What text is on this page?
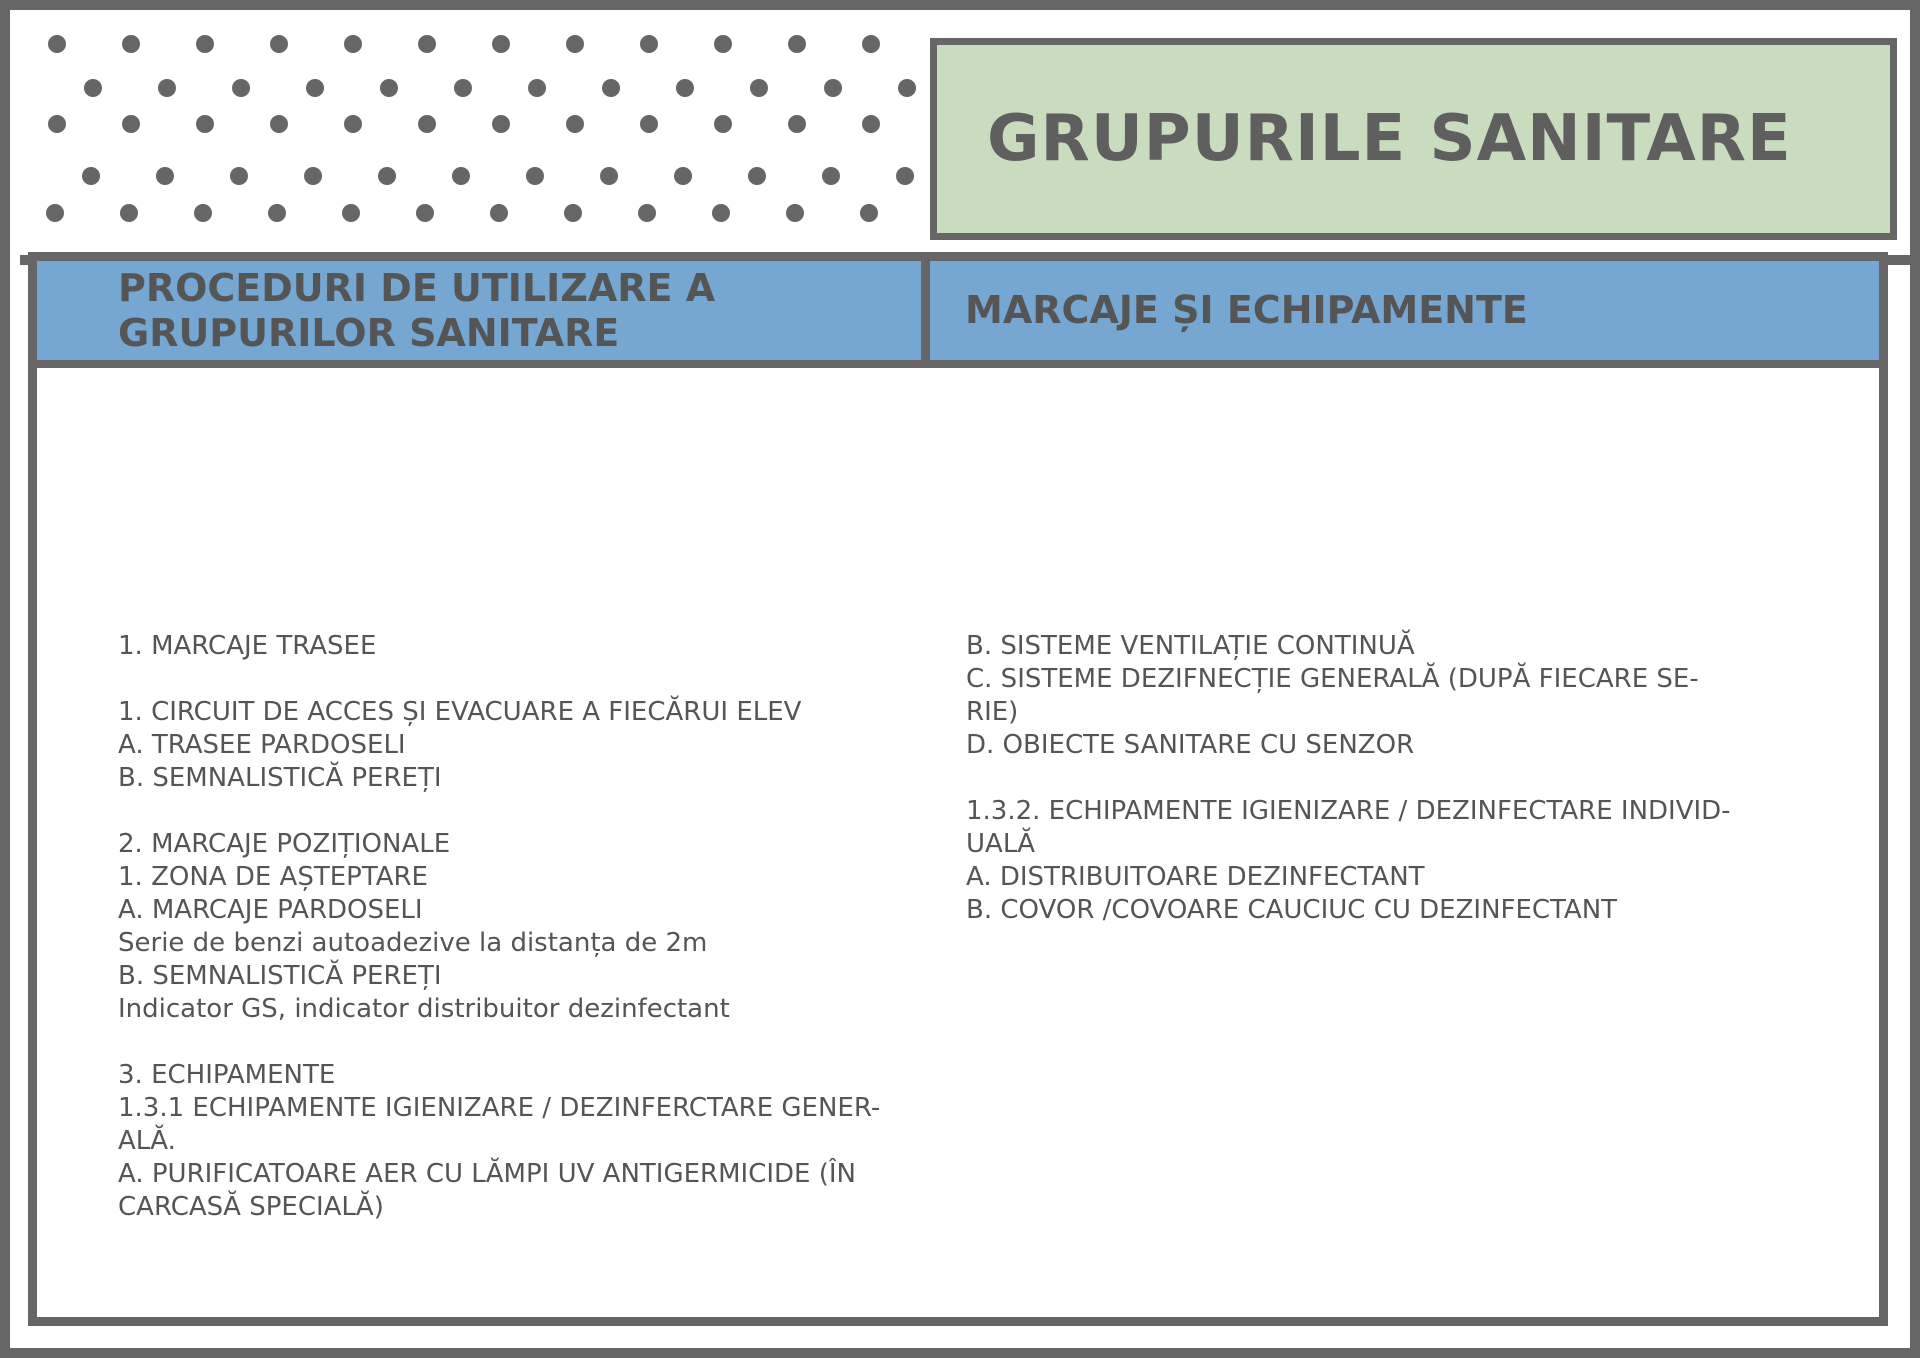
GRUPURILE SANITARE
PROCEDURI DE UTILIZARE A
GRUPURILOR SANITARE
MARCAJE ȘI ECHIPAMENTE
1. MARCAJE TRASEE
1. CIRCUIT DE ACCES ȘI EVACUARE A FIECĂRUI ELEV
A. TRASEE PARDOSELI
B. SEMNALISTICĂ PEREȚI
2. MARCAJE POZIȚIONALE
1. ZONA DE AȘTEPTARE
A. MARCAJE PARDOSELI
Serie de benzi autoadezive la distanța de 2m
B. SEMNALISTICĂ PEREȚI
Indicator GS, indicator distribuitor dezinfectant
3. ECHIPAMENTE
1.3.1 ECHIPAMENTE IGIENIZARE / DEZINFERCTARE GENER-
ALĂ.
A. PURIFICATOARE AER CU LĂMPI UV ANTIGERMICIDE (ÎN
CARCASĂ SPECIALĂ)
B. SISTEME VENTILAȚIE CONTINUĂ
C. SISTEME DEZIFNECȚIE GENERALĂ (DUPĂ FIECARE SE-
RIE)
D. OBIECTE SANITARE CU SENZOR
1.3.2. ECHIPAMENTE IGIENIZARE / DEZINFECTARE INDIVID-
UALĂ
A. DISTRIBUITOARE DEZINFECTANT
B. COVOR /COVOARE CAUCIUC CU DEZINFECTANT
